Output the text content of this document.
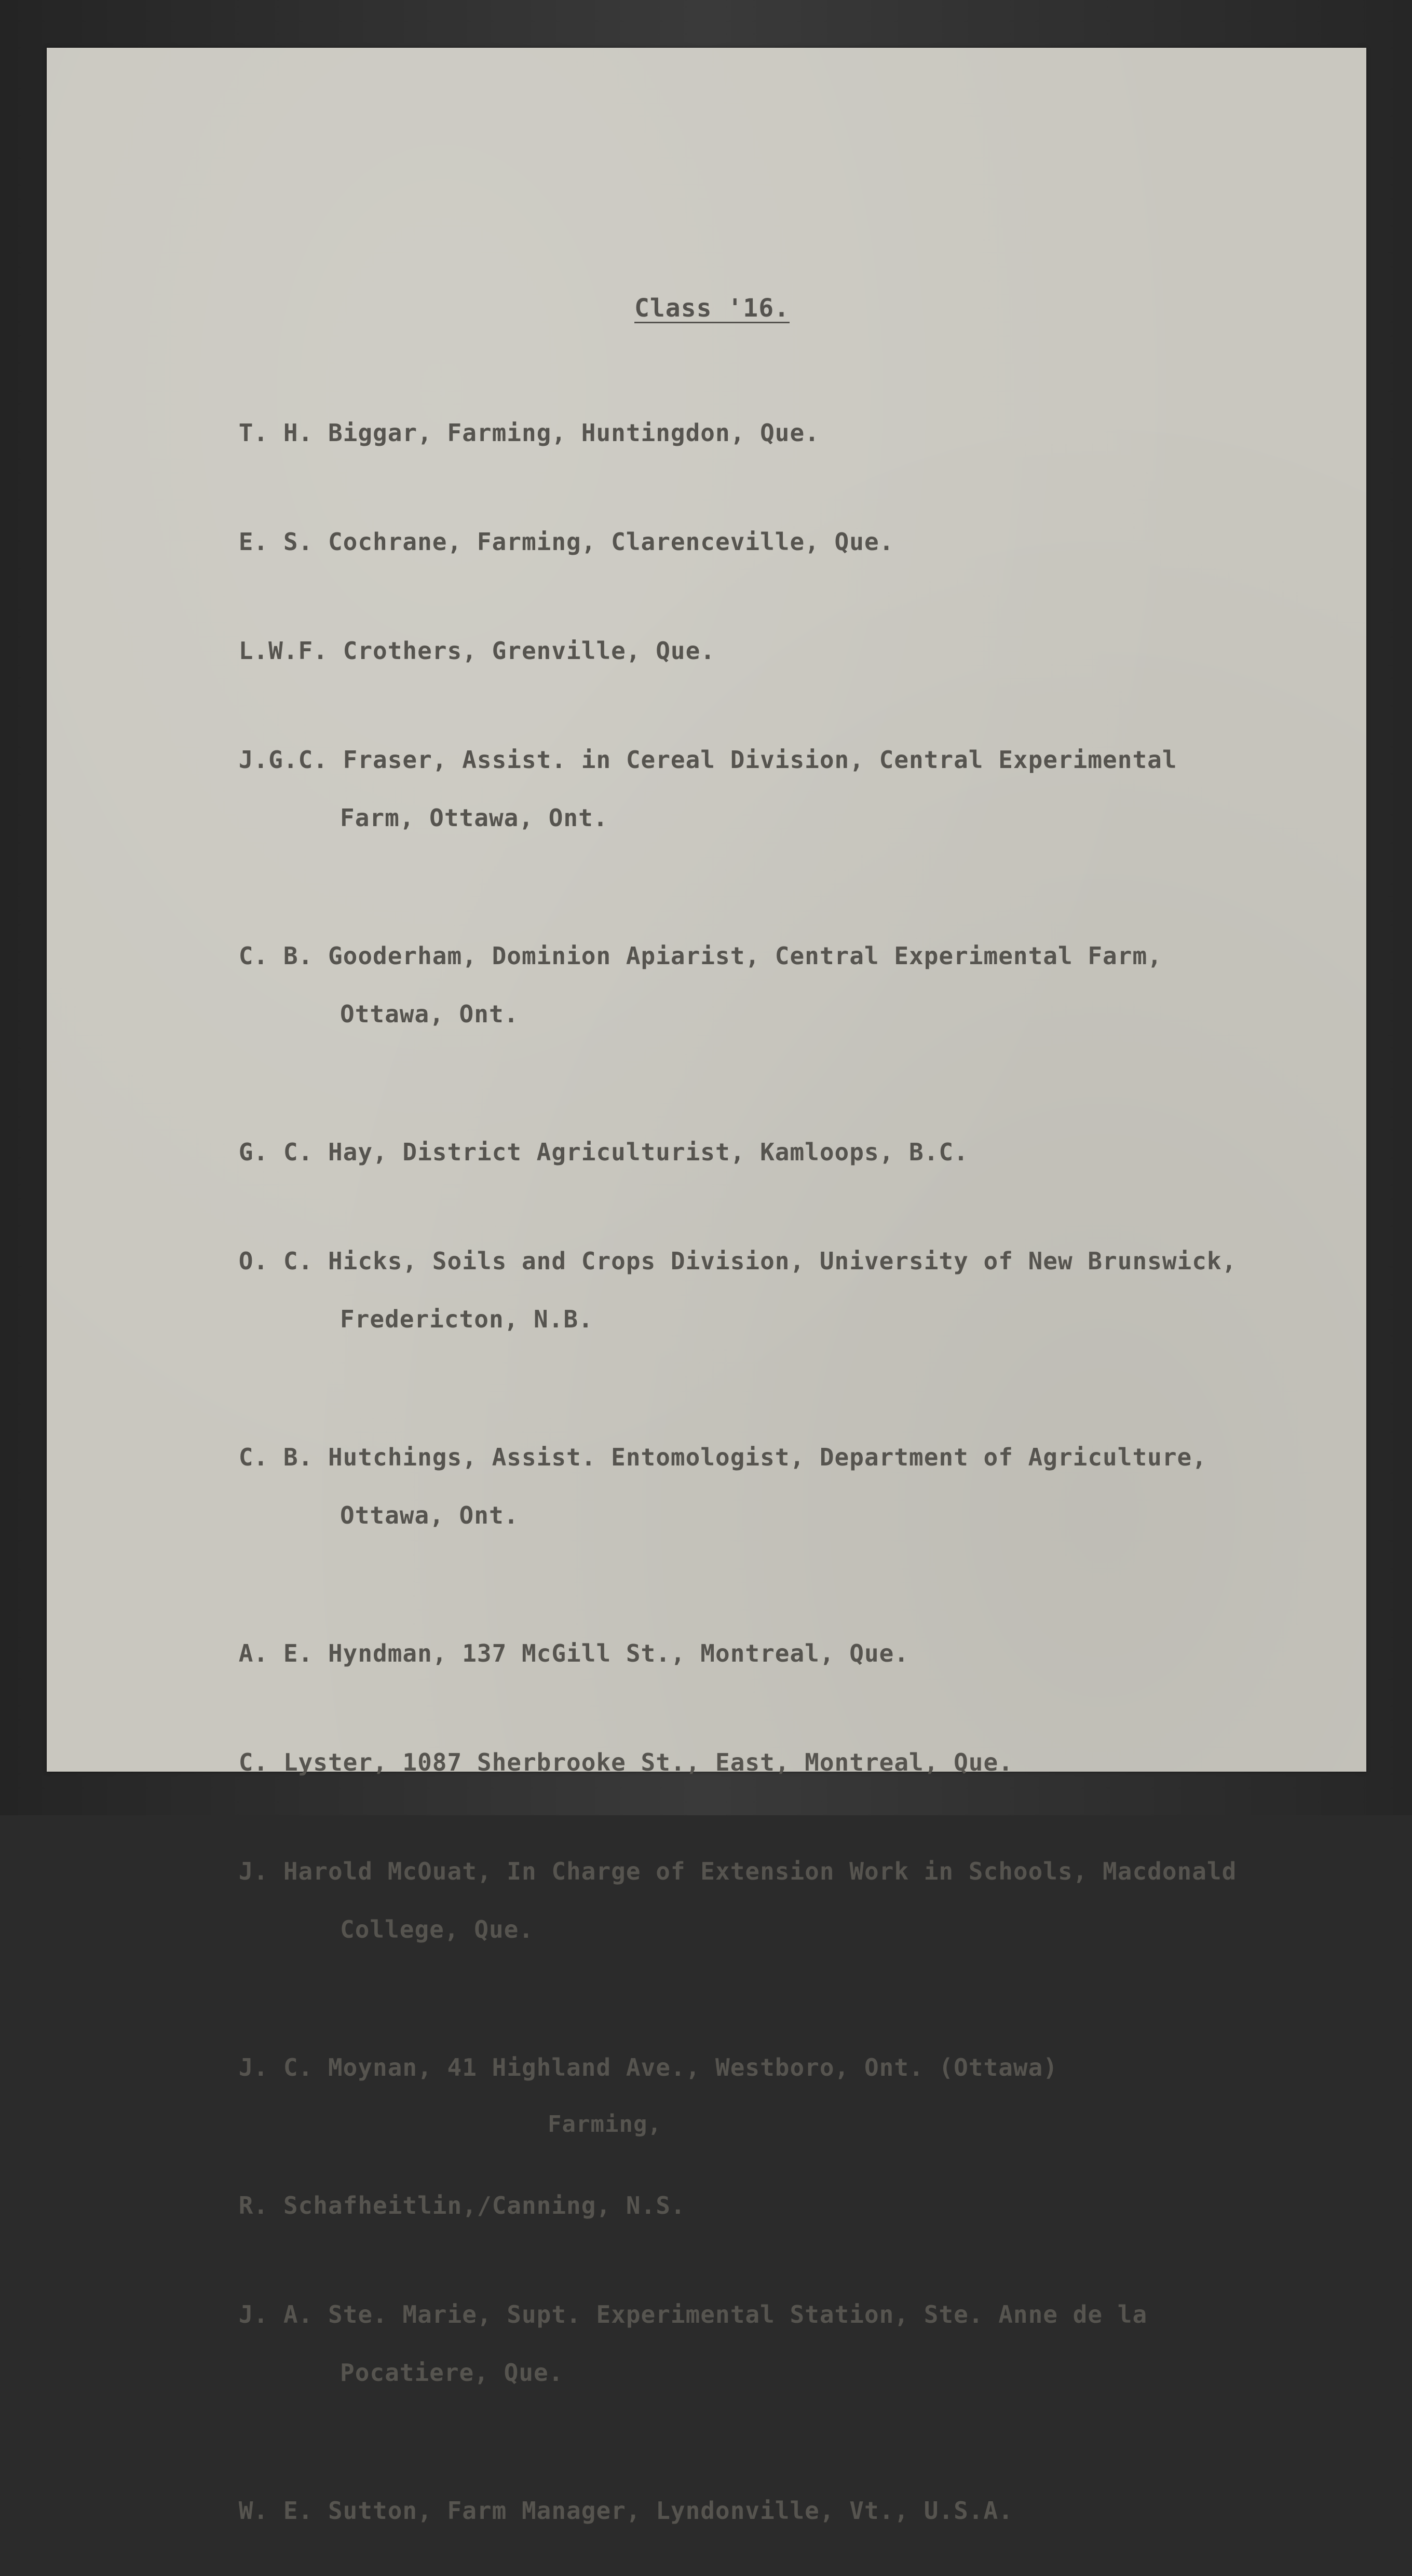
Class '16.

T. H. Biggar, Farming, Huntingdon, Que.

E. S. Cochrane, Farming, Clarenceville, Que.

L.W.F. Crothers, Grenville, Que.

J.G.C. Fraser, Assist. in Cereal Division, Central Experimental

Farm, Ottawa, Ont.

C. B. Gooderham, Dominion Apiarist, Central Experimental Farm,

Ottawa, Ont.

G. C. Hay, District Agriculturist, Kamloops, B.C.

O. C. Hicks, Soils and Crops Division, University of New Brunswick,

Fredericton, N.B.

C. B. Hutchings, Assist. Entomologist, Department of Agriculture,

Ottawa, Ont.

A. E. Hyndman, 137 McGill St., Montreal, Que.

C. Lyster, 1087 Sherbrooke St., East, Montreal, Que.

J. Harold McOuat, In Charge of Extension Work in Schools, Macdonald

College, Que.

J. C. Moynan, 41 Highland Ave., Westboro, Ont. (Ottawa)

Farming,

R. Schafheitlin,/Canning, N.S.

J. A. Ste. Marie, Supt. Experimental Station, Ste. Anne de la

Pocatiere, Que.

W. E. Sutton, Farm Manager, Lyndonville, Vt., U.S.A.
